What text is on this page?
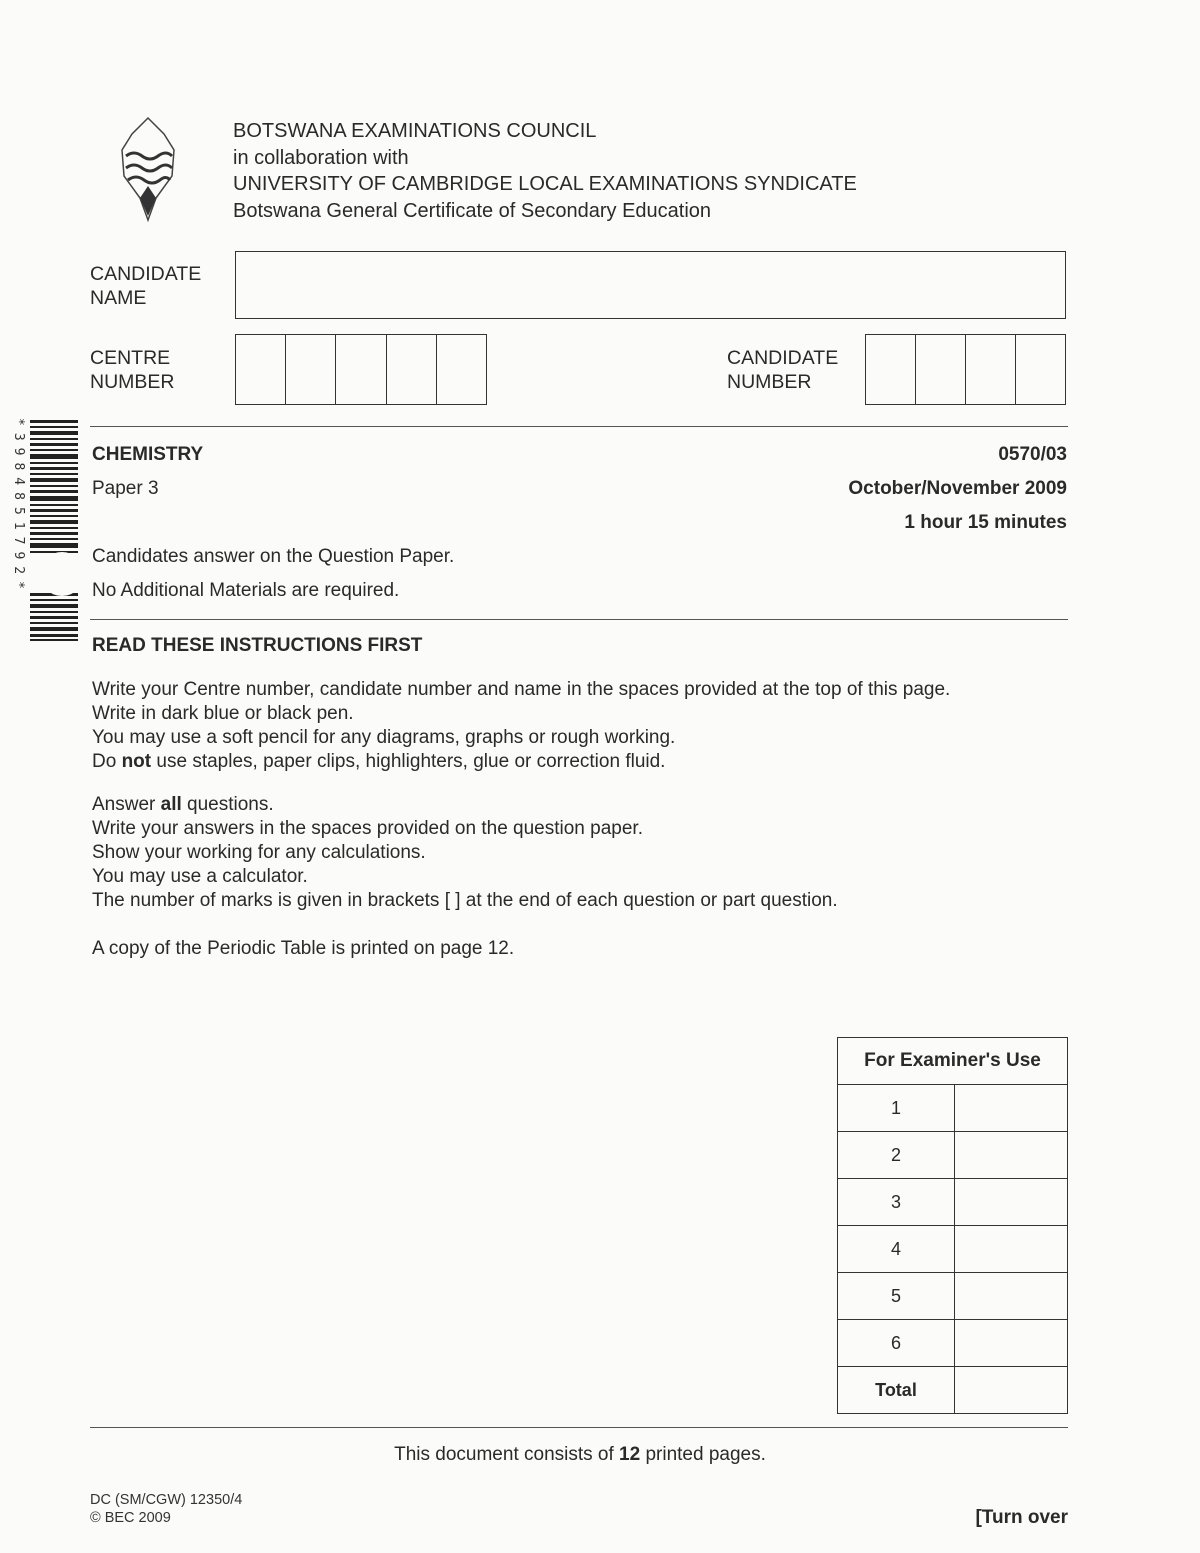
BOTSWANA EXAMINATIONS COUNCIL
in collaboration with
UNIVERSITY OF CAMBRIDGE LOCAL EXAMINATIONS SYNDICATE
Botswana General Certificate of Secondary Education
CANDIDATE
NAME
CENTRE
NUMBER
CANDIDATE
NUMBER
*3984851792*	CHEMISTRY
Paper 3
0570/03
October/November 2009
1 hour 15 minutes
Candidates answer on the Question Paper.
No Additional Materials are required.
READ THESE INSTRUCTIONS FIRST
Write your Centre number, candidate number and name in the spaces provided at the top of this page.
Write in dark blue or black pen.
You may use a soft pencil for any diagrams, graphs or rough working.
Do not use staples, paper clips, highlighters, glue or correction fluid.
Answer all questions.
Write your answers in the spaces provided on the question paper.
Show your working for any calculations.
You may use a calculator.
The number of marks is given in brackets [ ] at the end of each question or part question.
A copy of the Periodic Table is printed on page 12.
For Examiner's Use	
1	
2	
3	
4	
5	
6	
Total	
This document consists of 12 printed pages.
DC (SM/CGW) 12350/4
© BEC 2009	[Turn over
